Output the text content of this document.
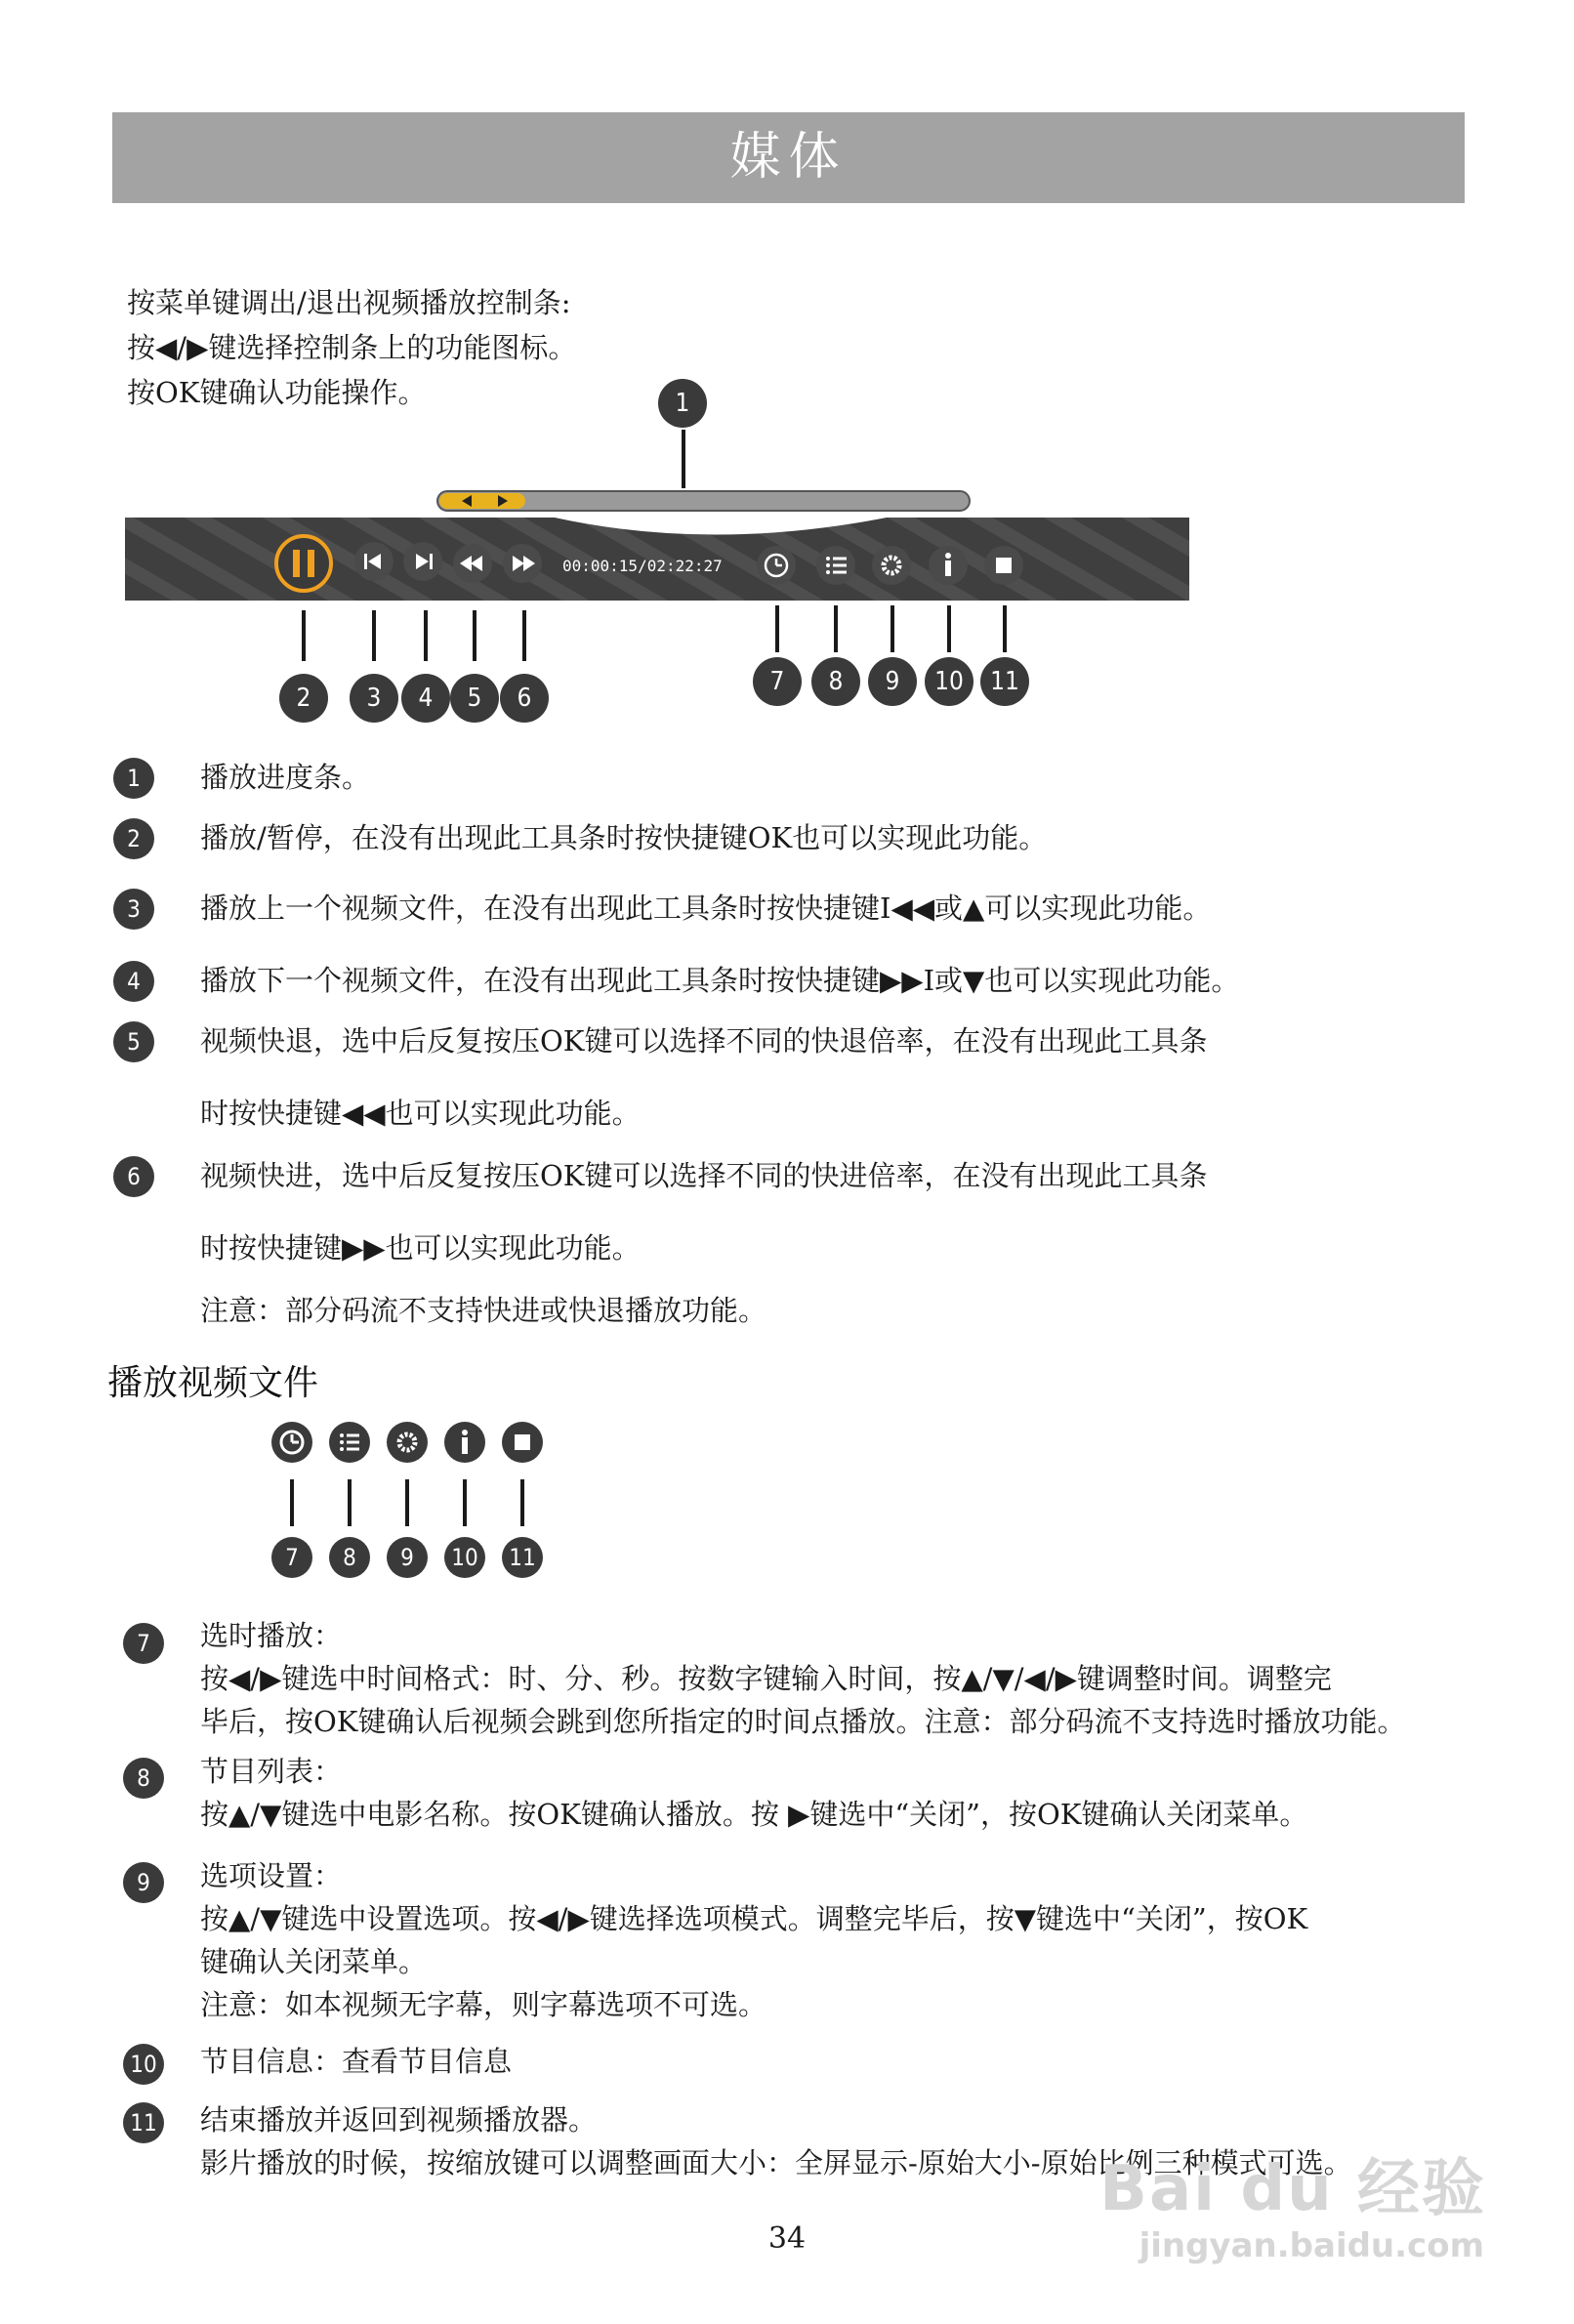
媒体
按菜单键调出/退出视频播放控制条:
按◀/▶键选择控制条上的功能图标。
按OK键确认功能操作。	1
00:00:15/02:22:27
2	3	4	5	6
7	8	9	10	11
1	播放进度条。
2	播放/暂停，在没有出现此工具条时按快捷键OK也可以实现此功能。
3	播放上一个视频文件，在没有出现此工具条时按快捷键I◀◀或▲可以实现此功能。
4	播放下一个视频文件，在没有出现此工具条时按快捷键▶▶I或▼也可以实现此功能。
5	视频快退，选中后反复按压OK键可以选择不同的快退倍率，在没有出现此工具条
时按快捷键◀◀也可以实现此功能。
6	视频快进，选中后反复按压OK键可以选择不同的快进倍率，在没有出现此工具条
时按快捷键▶▶也可以实现此功能。
注意：部分码流不支持快进或快退播放功能。
播放视频文件
7	8	9	10	11
7	选时播放：
按◀/▶键选中时间格式：时、分、秒。按数字键输入时间，按▲/▼/◀/▶键调整时间。调整完
毕后，按OK键确认后视频会跳到您所指定的时间点播放。注意：部分码流不支持选时播放功能。
8	节目列表：
按▲/▼键选中电影名称。按OK键确认播放。按 ▶键选中“关闭”，按OK键确认关闭菜单。
9	选项设置：
按▲/▼键选中设置选项。按◀/▶键选择选项模式。调整完毕后，按▼键选中“关闭”，按OK
键确认关闭菜单。
注意：如本视频无字幕，则字幕选项不可选。
10 节目信息：查看节目信息
11 结束播放并返回到视频播放器。
影片播放的时候，按缩放键可以调整画面大小：全屏显示-原始大小-原始比例三种模式可选。
34
Bai du 经验
jingyan.baidu.com
